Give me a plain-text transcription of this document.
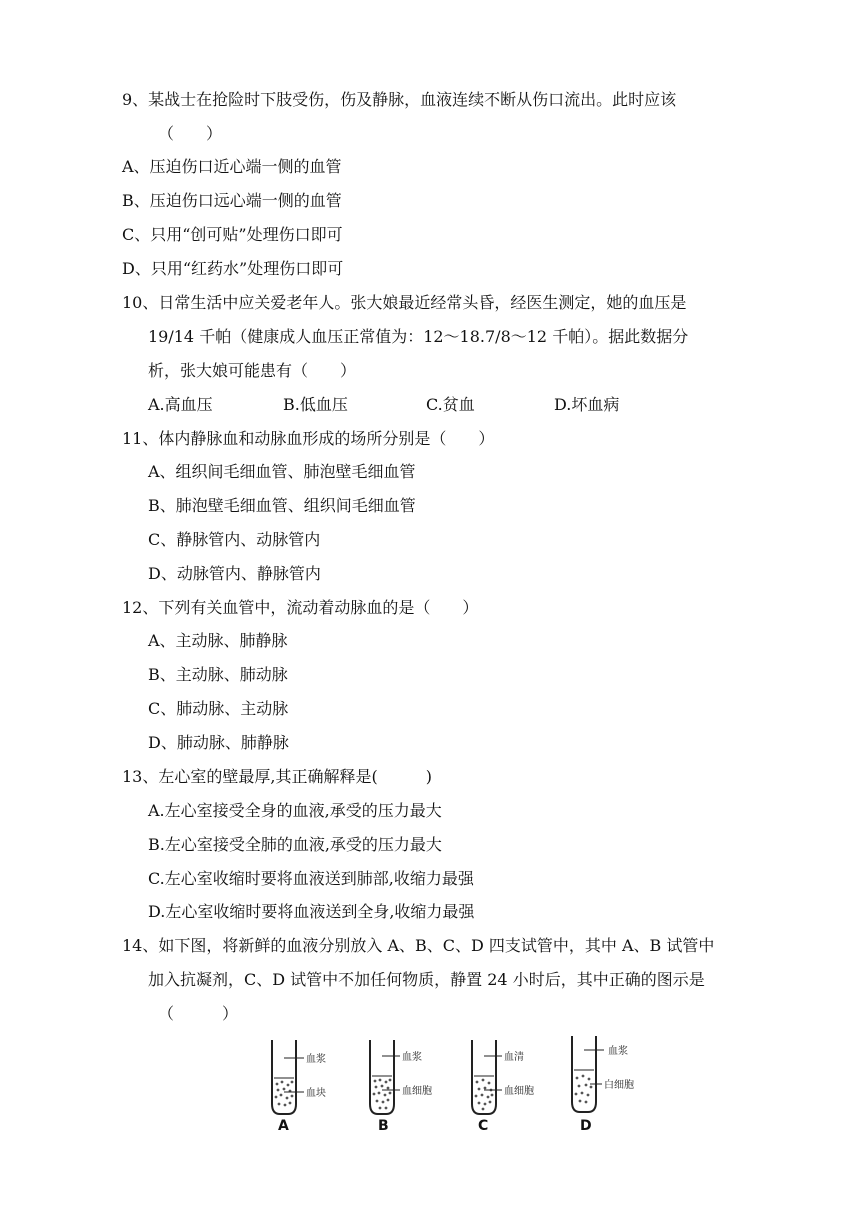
9、某战士在抢险时下肢受伤，伤及静脉，血液连续不断从伤口流出。此时应该
（　　）
A、压迫伤口近心端一侧的血管
B、压迫伤口远心端一侧的血管
C、只用“创可贴”处理伤口即可
D、只用“红药水”处理伤口即可
10、日常生活中应关爱老年人。张大娘最近经常头昏，经医生测定，她的血压是
19/14 千帕（健康成人血压正常值为：12～18.7/8～12 千帕）。据此数据分
析，张大娘可能患有（　　）
A.高血压	B.低血压	C.贫血	D.坏血病
11、体内静脉血和动脉血形成的场所分别是（　　）
A、组织间毛细血管、肺泡壁毛细血管
B、肺泡壁毛细血管、组织间毛细血管
C、静脉管内、动脉管内
D、动脉管内、静脉管内
12、下列有关血管中，流动着动脉血的是（　　）
A、主动脉、肺静脉
B、主动脉、肺动脉
C、肺动脉、主动脉
D、肺动脉、肺静脉
13、左心室的壁最厚,其正确解释是(　　　)
A.左心室接受全身的血液,承受的压力最大
B.左心室接受全肺的血液,承受的压力最大
C.左心室收缩时要将血液送到肺部,收缩力最强
D.左心室收缩时要将血液送到全身,收缩力最强
14、如下图，将新鲜的血液分别放入 A、B、C、D 四支试管中，其中 A、B 试管中
加入抗凝剂，C、D 试管中不加任何物质，静置 24 小时后，其中正确的图示是
（　　　）
血浆
血块
A
血浆
血细胞
B
血清
血细胞
C
血浆
白细胞
D
